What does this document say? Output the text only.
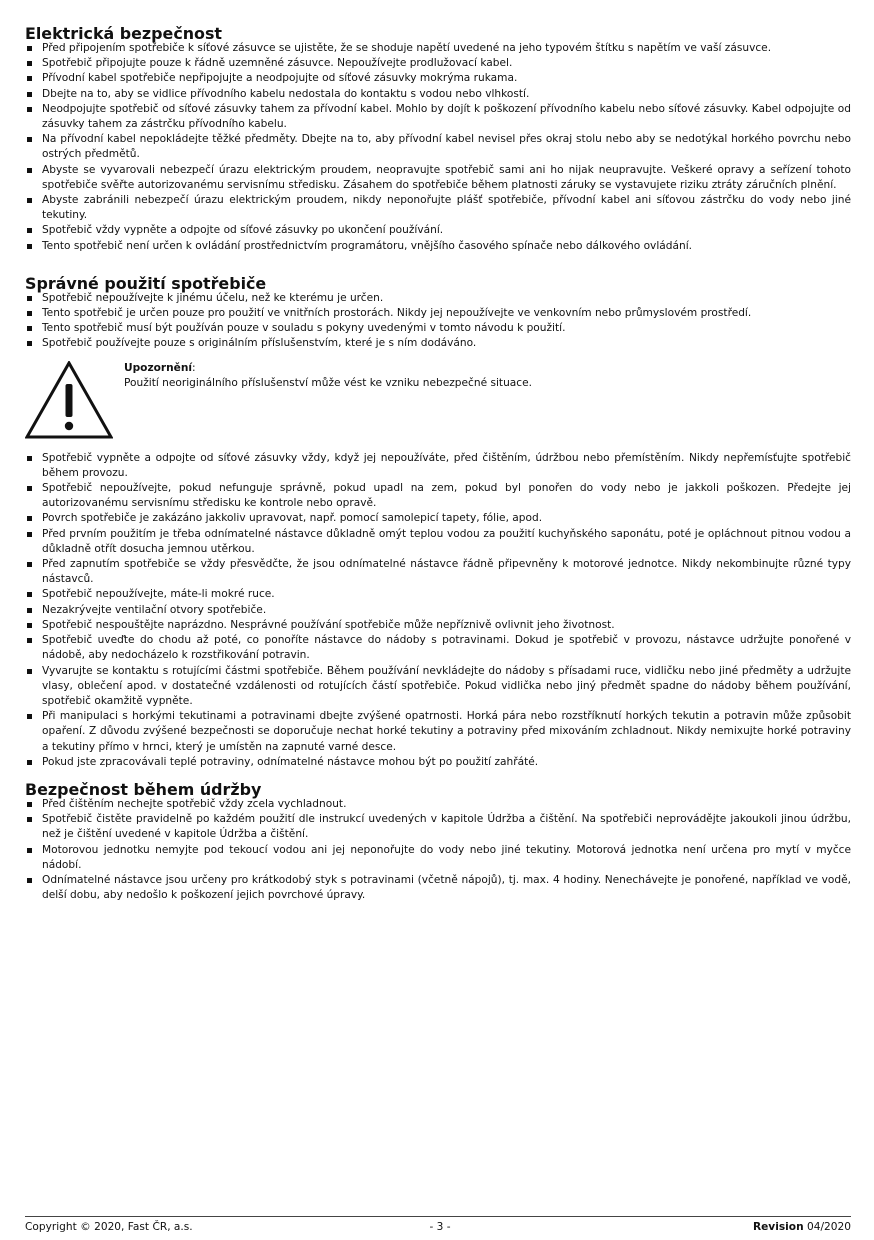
Elektrická bezpečnost
Před připojením spotřebiče k síťové zásuvce se ujistěte, že se shoduje napětí uvedené na jeho typovém štítku s napětím ve vaší zásuvce.
Spotřebič připojujte pouze k řádně uzemněné zásuvce. Nepoužívejte prodlužovací kabel.
Přívodní kabel spotřebiče nepřipojujte a neodpojujte od síťové zásuvky mokrýma rukama.
Dbejte na to, aby se vidlice přívodního kabelu nedostala do kontaktu s vodou nebo vlhkostí.
Neodpojujte spotřebič od síťové zásuvky tahem za přívodní kabel. Mohlo by dojít k poškození přívodního kabelu nebo síťové zásuvky. Kabel odpojujte od zásuvky tahem za zástrčku přívodního kabelu.
Na přívodní kabel nepokládejte těžké předměty. Dbejte na to, aby přívodní kabel nevisel přes okraj stolu nebo aby se nedotýkal horkého povrchu nebo ostrých předmětů.
Abyste se vyvarovali nebezpečí úrazu elektrickým proudem, neopravujte spotřebič sami ani ho nijak neupravujte. Veškeré opravy a seřízení tohoto spotřebiče svěřte autorizovanému servisnímu středisku. Zásahem do spotřebiče během platnosti záruky se vystavujete riziku ztráty záručních plnění.
Abyste zabránili nebezpečí úrazu elektrickým proudem, nikdy neponořujte plášť spotřebiče, přívodní kabel ani síťovou zástrčku do vody nebo jiné tekutiny.
Spotřebič vždy vypněte a odpojte od síťové zásuvky po ukončení používání.
Tento spotřebič není určen k ovládání prostřednictvím programátoru, vnějšího časového spínače nebo dálkového ovládání.
Správné použití spotřebiče
Spotřebič nepoužívejte k jinému účelu, než ke kterému je určen.
Tento spotřebič je určen pouze pro použití ve vnitřních prostorách. Nikdy jej nepoužívejte ve venkovním nebo průmyslovém prostředí.
Tento spotřebič musí být používán pouze v souladu s pokyny uvedenými v tomto návodu k použití.
Spotřebič používejte pouze s originálním příslušenstvím, které je s ním dodáváno.
Upozornění:
Použití neoriginálního příslušenství může vést ke vzniku nebezpečné situace.
Spotřebič vypněte a odpojte od síťové zásuvky vždy, když jej nepoužíváte, před čištěním, údržbou nebo přemístěním. Nikdy nepřemísťujte spotřebič během provozu.
Spotřebič nepoužívejte, pokud nefunguje správně, pokud upadl na zem, pokud byl ponořen do vody nebo je jakkoli poškozen. Předejte jej autorizovanému servisnímu středisku ke kontrole nebo opravě.
Povrch spotřebiče je zakázáno jakkoliv upravovat, např. pomocí samolepicí tapety, fólie, apod.
Před prvním použitím je třeba odnímatelné nástavce důkladně omýt teplou vodou za použití kuchyňského saponátu, poté je opláchnout pitnou vodou a důkladně otřít dosucha jemnou utěrkou.
Před zapnutím spotřebiče se vždy přesvědčte, že jsou odnímatelné nástavce řádně připevněny k motorové jednotce. Nikdy nekombinujte různé typy nástavců.
Spotřebič nepoužívejte, máte-li mokré ruce.
Nezakrývejte ventilační otvory spotřebiče.
Spotřebič nespouštějte naprázdno. Nesprávné používání spotřebiče může nepříznivě ovlivnit jeho životnost.
Spotřebič uveďte do chodu až poté, co ponoříte nástavce do nádoby s potravinami. Dokud je spotřebič v provozu, nástavce udržujte ponořené v nádobě, aby nedocházelo k rozstřikování potravin.
Vyvarujte se kontaktu s rotujícími částmi spotřebiče. Během používání nevkládejte do nádoby s přísadami ruce, vidličku nebo jiné předměty a udržujte vlasy, oblečení apod. v dostatečné vzdálenosti od rotujících částí spotřebiče. Pokud vidlička nebo jiný předmět spadne do nádoby během používání, spotřebič okamžitě vypněte.
Při manipulaci s horkými tekutinami a potravinami dbejte zvýšené opatrnosti. Horká pára nebo rozstříknutí horkých tekutin a potravin může způsobit opaření. Z důvodu zvýšené bezpečnosti se doporučuje nechat horké tekutiny a potraviny před mixováním zchladnout. Nikdy nemixujte horké potraviny a tekutiny přímo v hrnci, který je umístěn na zapnuté varné desce.
Pokud jste zpracovávali teplé potraviny, odnímatelné nástavce mohou být po použití zahřáté.
Bezpečnost během údržby
Před čištěním nechejte spotřebič vždy zcela vychladnout.
Spotřebič čistěte pravidelně po každém použití dle instrukcí uvedených v kapitole Údržba a čištění. Na spotřebiči neprovádějte jakoukoli jinou údržbu, než je čištění uvedené v kapitole Údržba a čištění.
Motorovou jednotku nemyjte pod tekoucí vodou ani jej neponořujte do vody nebo jiné tekutiny. Motorová jednotka není určena pro mytí v myčce nádobí.
Odnímatelné nástavce jsou určeny pro krátkodobý styk s potravinami (včetně nápojů), tj. max. 4 hodiny. Nenechávejte je ponořené, například ve vodě, delší dobu, aby nedošlo k poškození jejich povrchové úpravy.
Copyright © 2020, Fast ČR, a.s.	- 3 -	Revision 04/2020
